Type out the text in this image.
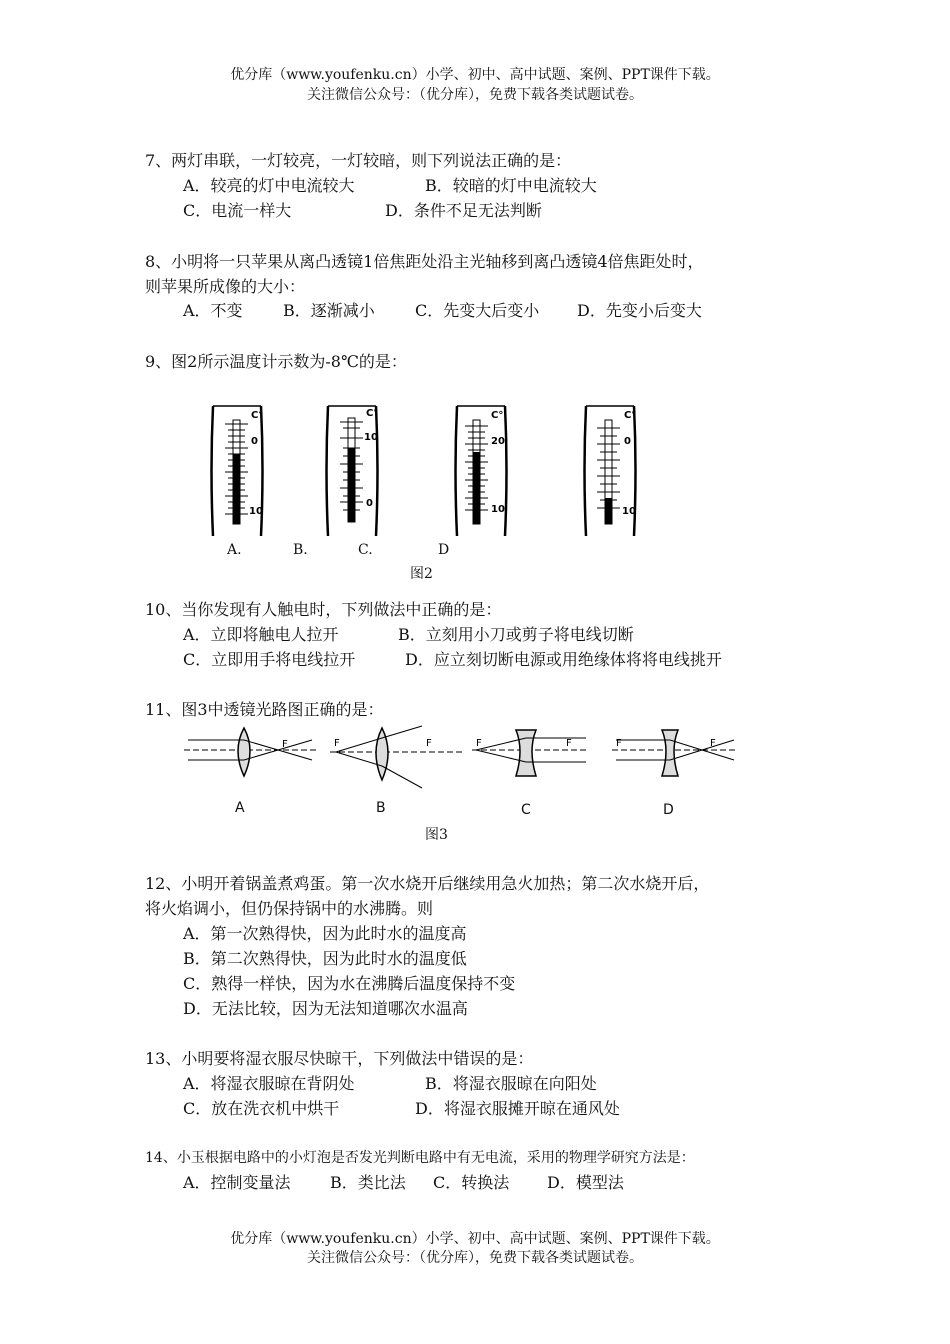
优分库（www.youfenku.cn）小学、初中、高中试题、案例、PPT课件下载。
关注微信公众号：（优分库），免费下载各类试题试卷。
7、两灯串联，一灯较亮，一灯较暗，则下列说法正确的是：
A．较亮的灯中电流较大	B．较暗的灯中电流较大
C．电流一样大	D．条件不足无法判断
8、小明将一只苹果从离凸透镜1倍焦距处沿主光轴移到离凸透镜4倍焦距处时，
则苹果所成像的大小：
A．不变	B．逐渐减小	C．先变大后变小 D．先变小后变大
9、图2所示温度计示数为-8℃的是：
C°
0
10
C°
10
0
C°
20
10
C°
0
10
A.	B.	C.	D
图2
10、当你发现有人触电时，下列做法中正确的是：
A．立即将触电人拉开	B．立刻用小刀或剪子将电线切断
C．立即用手将电线拉开	D．应立刻切断电源或用绝缘体将将电线挑开
11、图3中透镜光路图正确的是：
F	F	F	F	F	F	F
A	B	C	D
图3
12、小明开着锅盖煮鸡蛋。第一次水烧开后继续用急火加热；第二次水烧开后，
将火焰调小，但仍保持锅中的水沸腾。则
A．第一次熟得快，因为此时水的温度高
B．第二次熟得快，因为此时水的温度低
C．熟得一样快，因为水在沸腾后温度保持不变
D．无法比较，因为无法知道哪次水温高
13、小明要将湿衣服尽快晾干，下列做法中错误的是：
A．将湿衣服晾在背阴处	B．将湿衣服晾在向阳处
C．放在洗衣机中烘干	D．将湿衣服摊开晾在通风处
14、小玉根据电路中的小灯泡是否发光判断电路中有无电流，采用的物理学研究方法是：
A．控制变量法 B．类比法 C．转换法 D．模型法
优分库（www.youfenku.cn）小学、初中、高中试题、案例、PPT课件下载。
关注微信公众号：（优分库），免费下载各类试题试卷。
